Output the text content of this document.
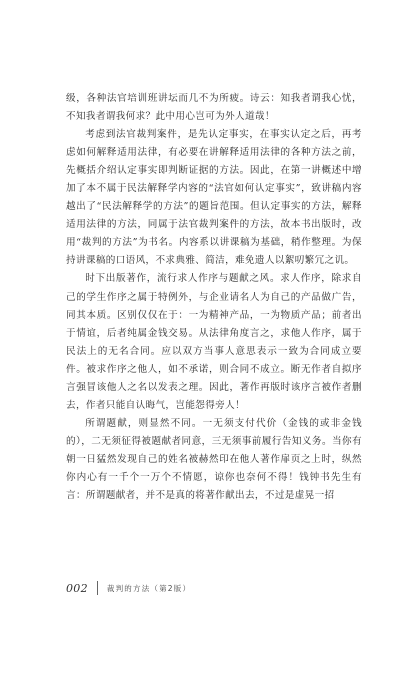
级，各种法官培训班讲坛而几不为所疲。诗云：知我者谓我心忧，不知我者谓我何求？此中用心岂可为外人道哉！

考虑到法官裁判案件，是先认定事实，在事实认定之后，再考虑如何解释适用法律，有必要在讲解释适用法律的各种方法之前，先概括介绍认定事实即判断证据的方法。因此，在第一讲概述中增加了本不属于民法解释学内容的“法官如何认定事实”，致讲稿内容越出了“民法解释学的方法”的题旨范围。但认定事实的方法，解释适用法律的方法，同属于法官裁判案件的方法，故本书出版时，改用“裁判的方法”为书名。内容系以讲课稿为基础，稍作整理。为保持讲课稿的口语风，不求典雅、简洁，难免遗人以絮叨繁冗之讥。

时下出版著作，流行求人作序与题献之风。求人作序，除求自己的学生作序之属于特例外，与企业请名人为自己的产品做广告，同其本质。区别仅仅在于：一为精神产品，一为物质产品；前者出于情谊，后者纯属金钱交易。从法律角度言之，求他人作序，属于民法上的无名合同。应以双方当事人意思表示一致为合同成立要件。被求作序之他人，如不承诺，则合同不成立。断无作者自拟序言强冒该他人之名以发表之理。因此，著作再版时该序言被作者删去，作者只能自认晦气，岂能怨得旁人！

所谓题献，则显然不同。一无须支付代价（金钱的或非金钱的），二无须征得被题献者同意，三无须事前履行告知义务。当你有朝一日猛然发现自己的姓名被赫然印在他人著作扉页之上时，纵然你内心有一千个一万个不情愿，谅你也奈何不得！钱钟书先生有言：所谓题献者，并不是真的将著作献出去，不过是虚晃一招

002	裁判的方法（第2版）
